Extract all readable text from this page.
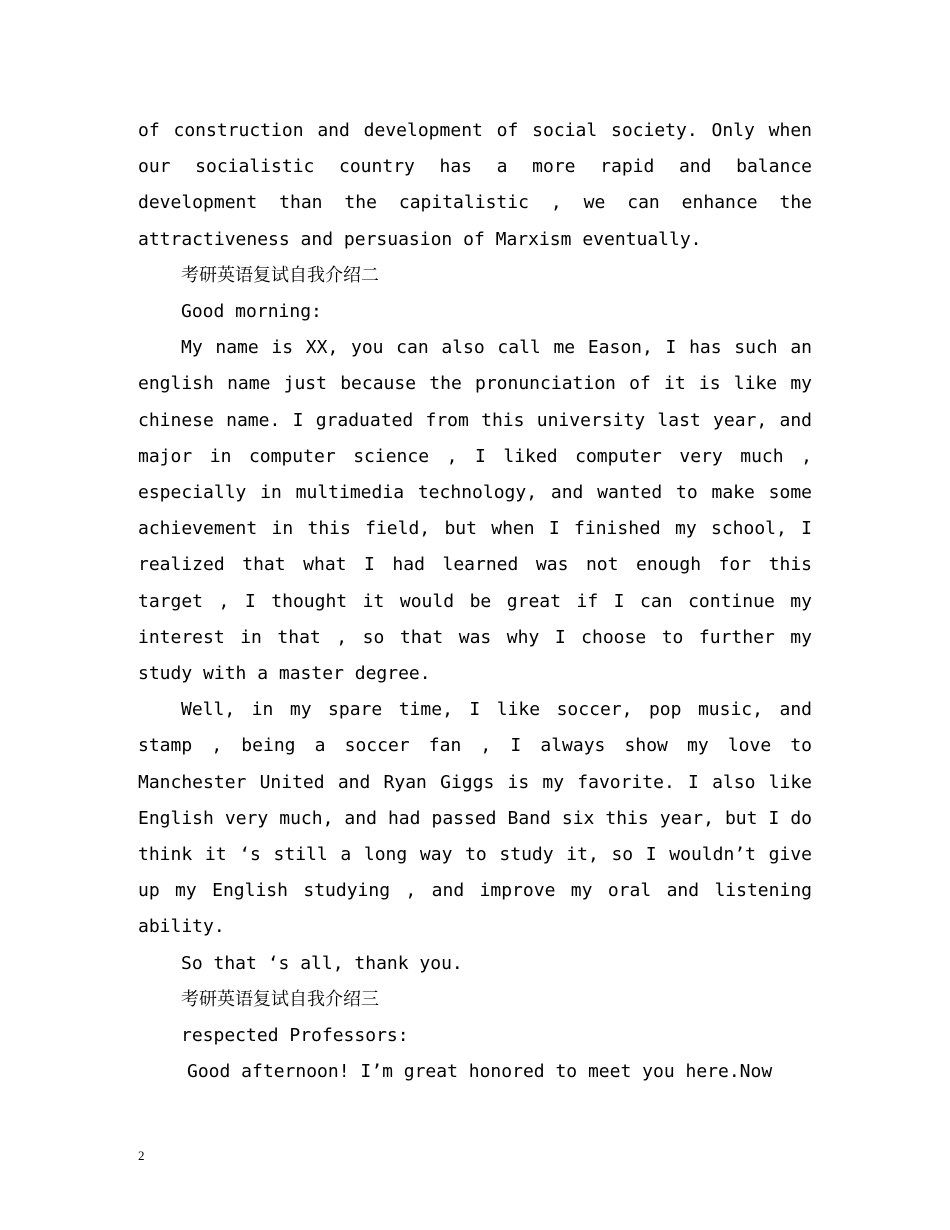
of construction and development of social society. Only when our socialistic country has a more rapid and balance development than the capitalistic , we can enhance the attractiveness and persuasion of Marxism eventually.

考研英语复试自我介绍二

Good morning:

My name is XX, you can also call me Eason, I has such an english name just because the pronunciation of it is like my chinese name. I graduated from this university last year, and major in computer science , I liked computer very much , especially in multimedia technology, and wanted to make some achievement in this field, but when I finished my school, I realized that what I had learned was not enough for this target , I thought it would be great if I can continue my interest in that , so that was why I choose to further my study with a master degree.

Well, in my spare time, I like soccer, pop music, and stamp , being a soccer fan , I always show my love to Manchester United and Ryan Giggs is my favorite. I also like English very much, and had passed Band six this year, but I do think it ‘s still a long way to study it, so I wouldn’t give up my English studying , and improve my oral and listening ability.

So that ‘s all, thank you.

考研英语复试自我介绍三

respected Professors:

Good afternoon! I’m great honored to meet you here.Now

2
